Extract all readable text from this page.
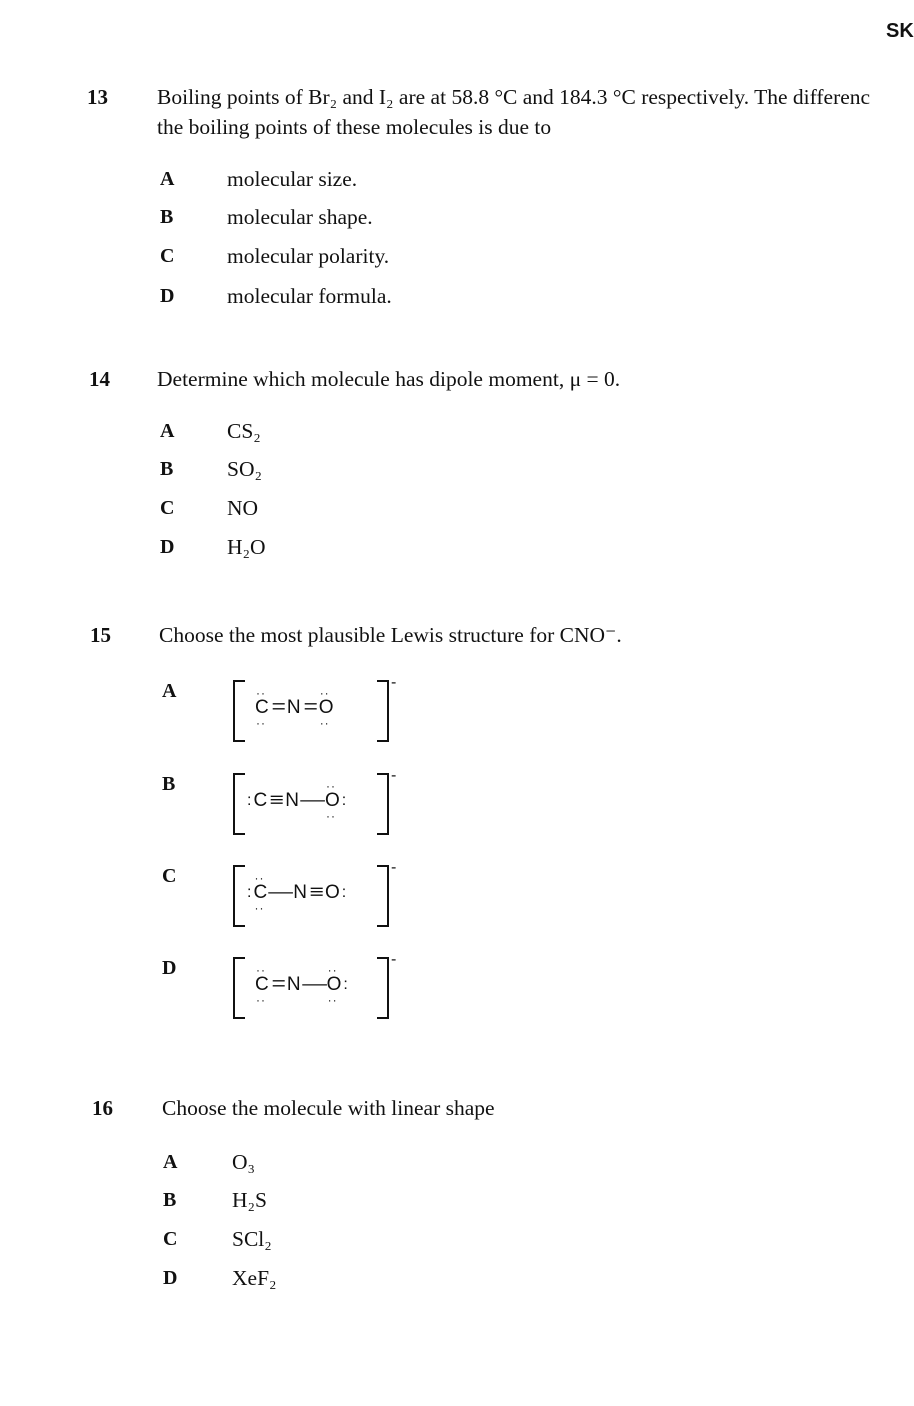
SK
13 Boiling points of Br₂ and I₂ are at 58.8 °C and 184.3 °C respectively. The differenc
the boiling points of these molecules is due to
A molecular size.
B molecular shape.
C molecular polarity.
D molecular formula.
14 Determine which molecule has dipole moment, μ = 0.
A CS₂
B SO₂
C NO
D H₂O
15 Choose the most plausible Lewis structure for CNO⁻.
A	··
C
··
= N =
··
O
··
-
B
: C ≡ N —
··
O
··
:
-
C
:
··
C
··
— N ≡ O :
-
D	··
C
··
= N —
··
O
··
:
-
16 Choose the molecule with linear shape
A	O₃
B	H₂S
C	SCl₂
D	XeF₂
